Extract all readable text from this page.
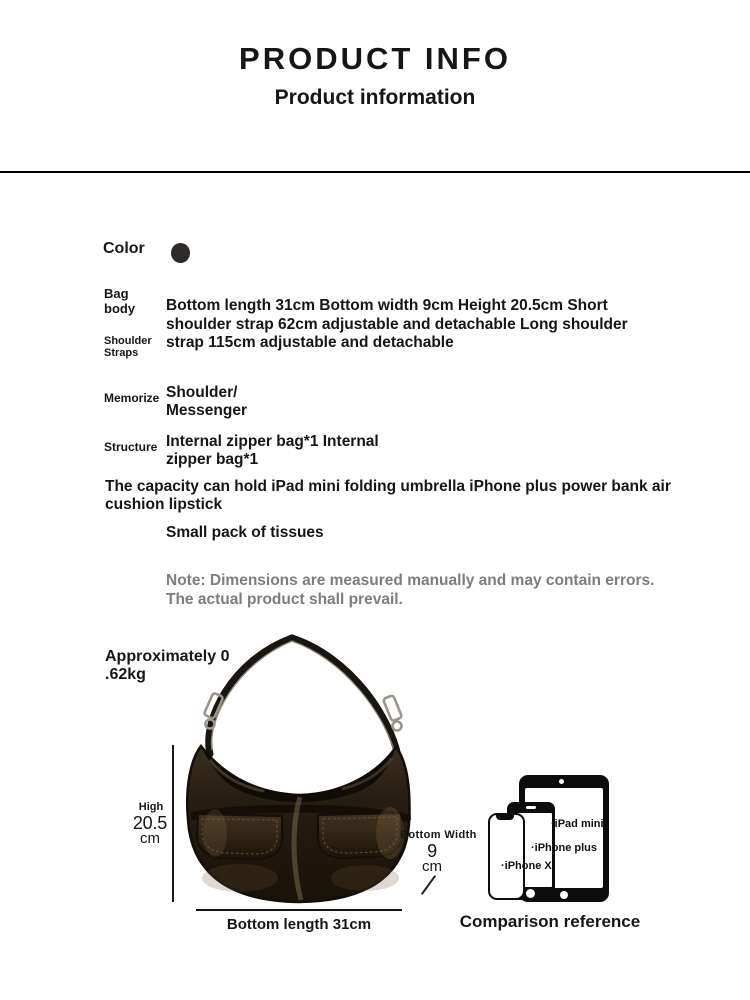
PRODUCT INFO
Product information
Color
Bag body
Shoulder Straps
Bottom length 31cm Bottom width 9cm Height 20.5cm Short
shoulder strap 62cm adjustable and detachable Long shoulder
strap 115cm adjustable and detachable
Memorize Shoulder/
Messenger
Structure Internal zipper bag*1 Internal
zipper bag*1
The capacity can hold iPad mini folding umbrella iPhone plus power bank air
cushion lipstick
Small pack of tissues
Note: Dimensions are measured manually and may contain errors.
The actual product shall prevail.
Approximately 0
.62kg
High
20.5
cm	Bottom Width
9
cm
Bottom length 31cm
·iPad mini
·iPhone plus
·iPhone X
Comparison reference
